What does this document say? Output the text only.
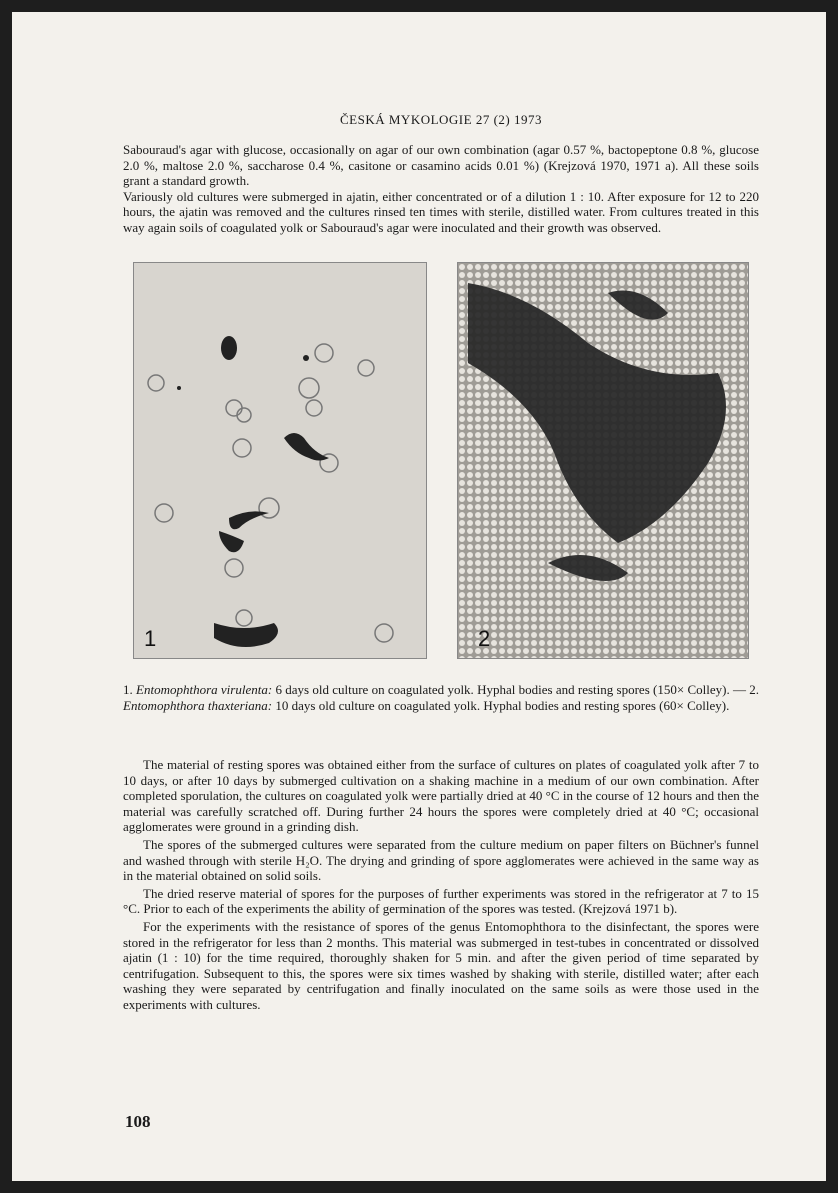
ČESKÁ MYKOLOGIE 27 (2) 1973

Sabouraud's agar with glucose, occasionally on agar of our own combination (agar 0.57 %, bactopeptone 0.8 %, glucose 2.0 %, maltose 2.0 %, saccharose 0.4 %, casitone or casamino acids 0.01 %) (Krejzová 1970, 1971 a). All these soils grant a standard growth.

Variously old cultures were submerged in ajatin, either concentrated or of a dilution 1 : 10. After exposure for 12 to 220 hours, the ajatin was removed and the cultures rinsed ten times with sterile, distilled water. From cultures treated in this way again soils of coagulated yolk or Sabouraud's agar were inoculated and their growth was observed.

1	2

1. Entomophthora virulenta: 6 days old culture on coagulated yolk. Hyphal bodies and resting spores (150× Colley). — 2. Entomophthora thaxteriana: 10 days old culture on coagulated yolk. Hyphal bodies and resting spores (60× Colley).

The material of resting spores was obtained either from the surface of cultures on plates of coagulated yolk after 7 to 10 days, or after 10 days by submerged cultivation on a shaking machine in a medium of our own combination. After completed sporulation, the cultures on coagulated yolk were partially dried at 40 °C in the course of 12 hours and then the material was carefully scratched off. During further 24 hours the spores were completely dried at 40 °C; occasional agglomerates were ground in a grinding dish.

The spores of the submerged cultures were separated from the culture medium on paper filters on Büchner's funnel and washed through with sterile H₂O. The drying and grinding of spore agglomerates were achieved in the same way as in the material obtained on solid soils.

The dried reserve material of spores for the purposes of further experiments was stored in the refrigerator at 7 to 15 °C. Prior to each of the experiments the ability of germination of the spores was tested. (Krejzová 1971 b).

For the experiments with the resistance of spores of the genus Entomophthora to the disinfectant, the spores were stored in the refrigerator for less than 2 months. This material was submerged in test-tubes in concentrated or dissolved ajatin (1 : 10) for the time required, thoroughly shaken for 5 min. and after the given period of time separated by centrifugation. Subsequent to this, the spores were six times washed by shaking with sterile, distilled water; after each washing they were separated by centrifugation and finally inoculated on the same soils as were those used in the experiments with cultures.

108
